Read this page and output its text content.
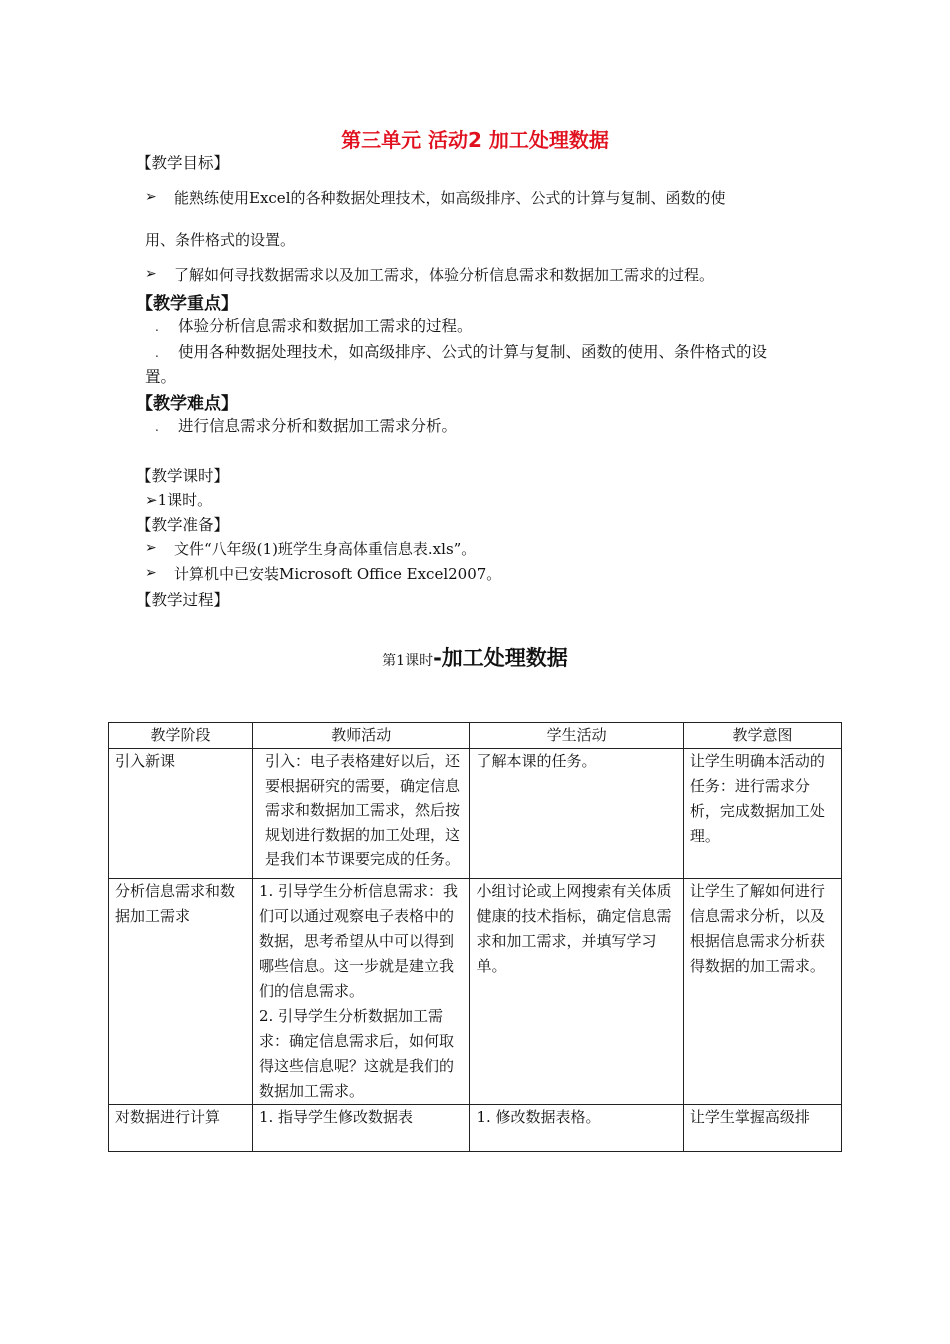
第三单元 活动2 加工处理数据
【教学目标】
➢ 能熟练使用Excel的各种数据处理技术，如高级排序、公式的计算与复制、函数的使
用、条件格式的设置。
➢ 了解如何寻找数据需求以及加工需求，体验分析信息需求和数据加工需求的过程。
【教学重点】
. 体验分析信息需求和数据加工需求的过程。
. 使用各种数据处理技术，如高级排序、公式的计算与复制、函数的使用、条件格式的设
置。
【教学难点】
. 进行信息需求分析和数据加工需求分析。
【教学课时】
➢1课时。
【教学准备】
➢ 文件“八年级(1)班学生身高体重信息表.xls”。
➢ 计算机中已安装Microsoft Office Excel2007。
【教学过程】
第1课时-加工处理数据
教学阶段	教师活动	学生活动	教学意图
引入新课	引入：电子表格建好以后，还要根据研究的需要，确定信息需求和数据加工需求，然后按规划进行数据的加工处理，这是我们本节课要完成的任务。	了解本课的任务。	让学生明确本活动的任务：进行需求分析，完成数据加工处理。
分析信息需求和数据加工需求	1. 引导学生分析信息需求：我们可以通过观察电子表格中的数据，思考希望从中可以得到哪些信息。这一步就是建立我们的信息需求。
2. 引导学生分析数据加工需求：确定信息需求后，如何取得这些信息呢？这就是我们的数据加工需求。	小组讨论或上网搜索有关体质健康的技术指标，确定信息需求和加工需求，并填写学习单。	让学生了解如何进行信息需求分析，以及根据信息需求分析获得数据的加工需求。
对数据进行计算	1. 指导学生修改数据表	1. 修改数据表格。	让学生掌握高级排
